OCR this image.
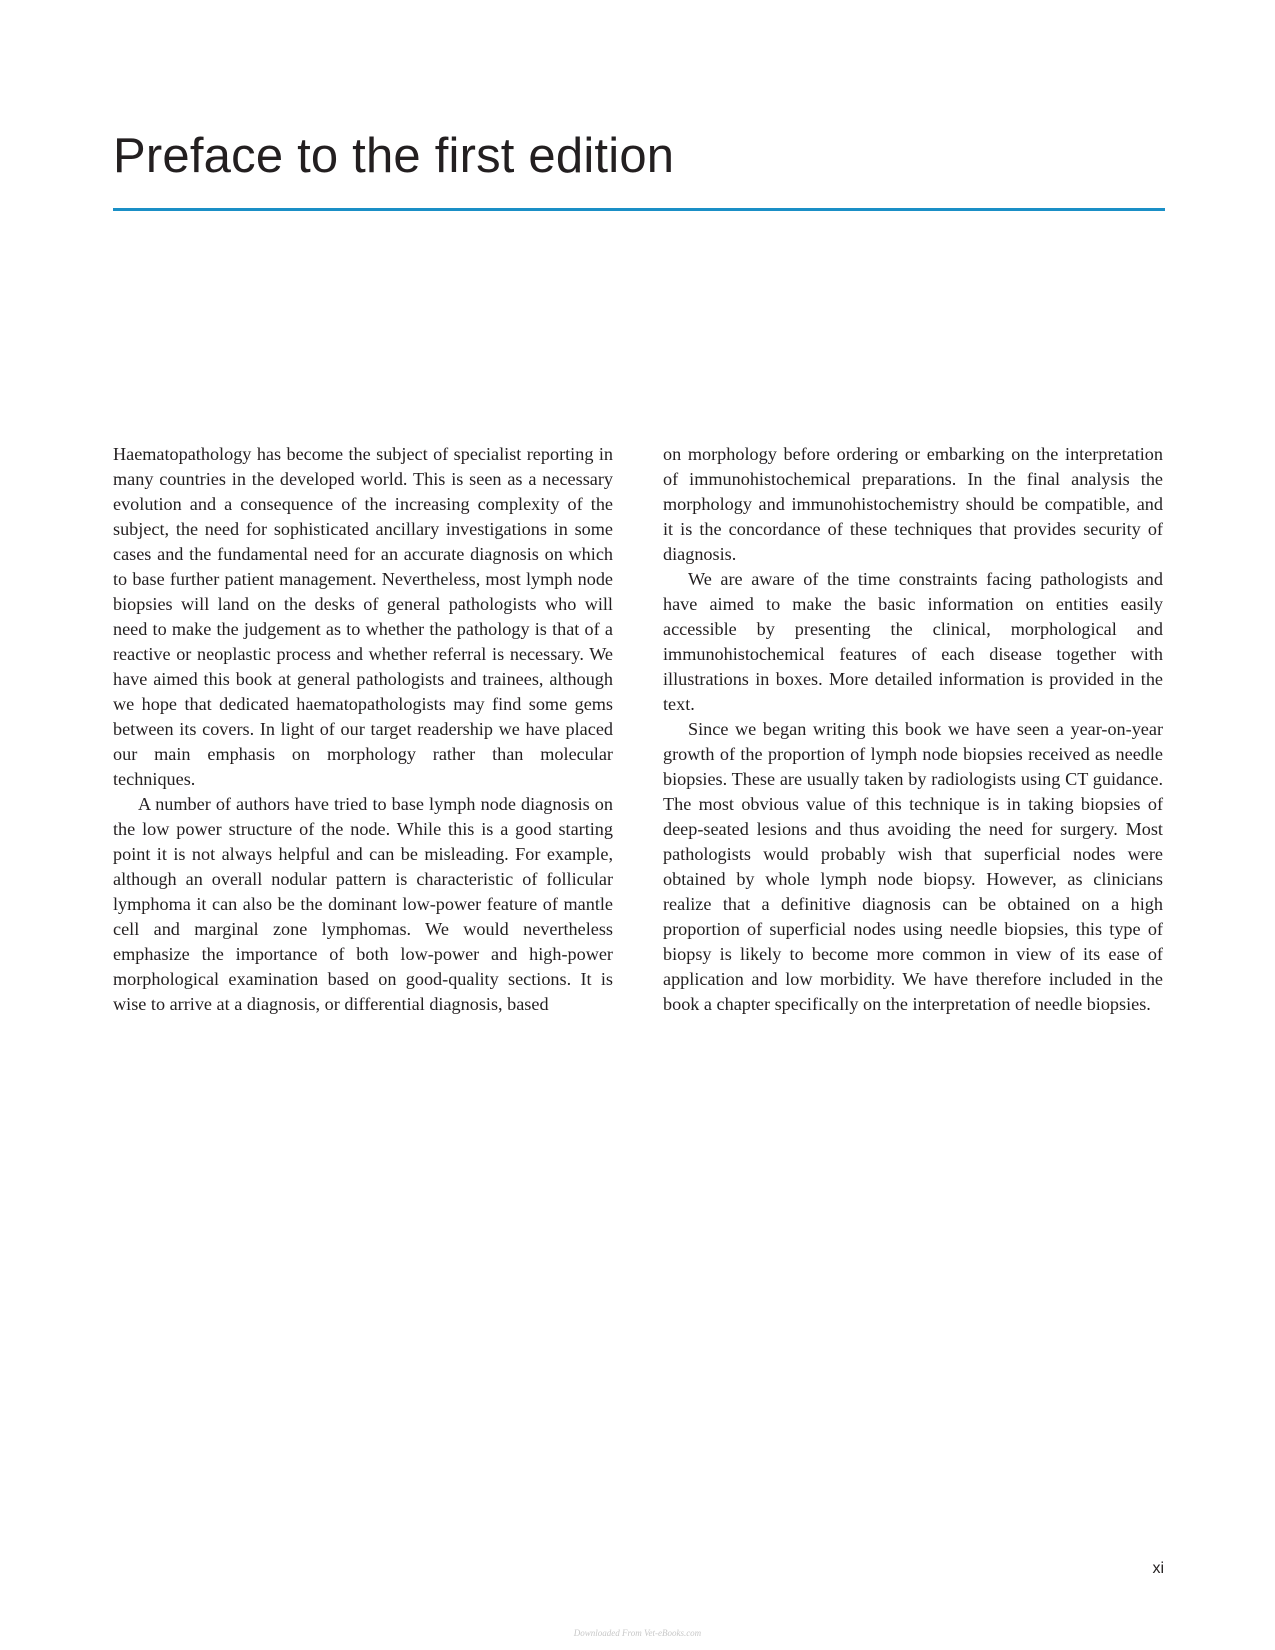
Preface to the first edition

Haematopathology has become the subject of specialist reporting in many countries in the developed world. This is seen as a necessary evolution and a consequence of the increasing complexity of the subject, the need for sophisticated ancillary investigations in some cases and the fundamental need for an accurate diagnosis on which to base further patient management. Nevertheless, most lymph node biopsies will land on the desks of general pathologists who will need to make the judgement as to whether the pathology is that of a reactive or neoplastic process and whether referral is necessary. We have aimed this book at general pathologists and trainees, although we hope that dedicated haematopathologists may find some gems between its covers. In light of our target readership we have placed our main emphasis on morphology rather than molecular techniques.

A number of authors have tried to base lymph node diagnosis on the low power structure of the node. While this is a good starting point it is not always helpful and can be misleading. For example, although an overall nodular pattern is characteristic of follicular lymphoma it can also be the dominant low-power feature of mantle cell and marginal zone lymphomas. We would nevertheless emphasize the importance of both low-power and high-power morphological examination based on good-quality sections. It is wise to arrive at a diagnosis, or differential diagnosis, based

on morphology before ordering or embarking on the interpretation of immunohistochemical preparations. In the final analysis the morphology and immunohistochemistry should be compatible, and it is the concordance of these techniques that provides security of diagnosis.

We are aware of the time constraints facing pathologists and have aimed to make the basic information on entities easily accessible by presenting the clinical, morphological and immunohistochemical features of each disease together with illustrations in boxes. More detailed information is provided in the text.

Since we began writing this book we have seen a year-on-year growth of the proportion of lymph node biopsies received as needle biopsies. These are usually taken by radiologists using CT guidance. The most obvious value of this technique is in taking biopsies of deep-seated lesions and thus avoiding the need for surgery. Most pathologists would probably wish that superficial nodes were obtained by whole lymph node biopsy. However, as clinicians realize that a definitive diagnosis can be obtained on a high proportion of superficial nodes using needle biopsies, this type of biopsy is likely to become more common in view of its ease of application and low morbidity. We have therefore included in the book a chapter specifically on the interpretation of needle biopsies.

xi
Downloaded From Vet-eBooks.com
